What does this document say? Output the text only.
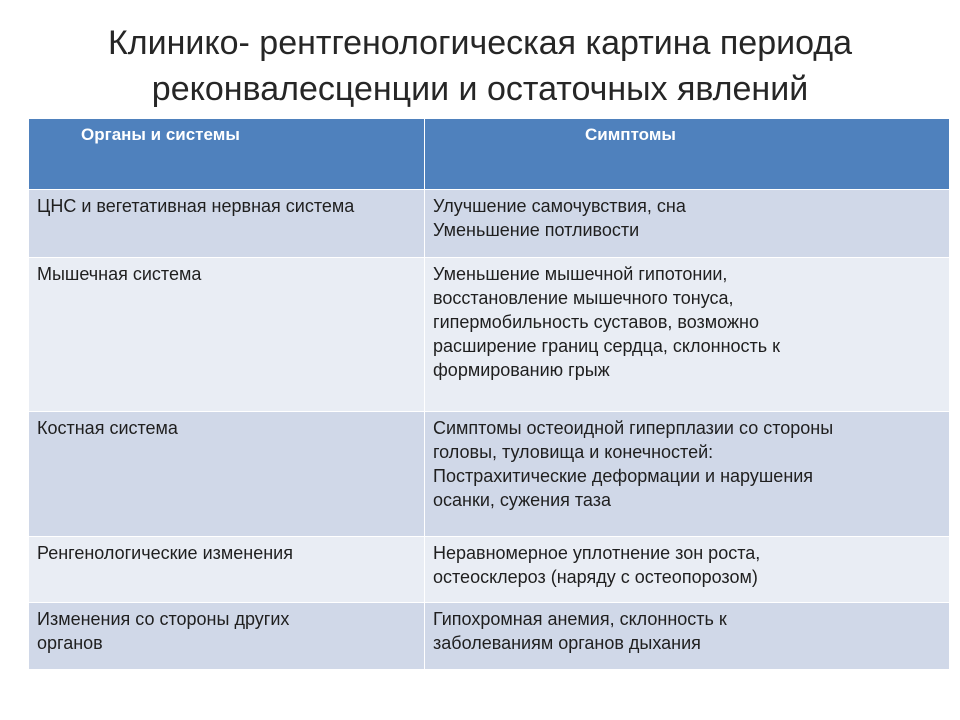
Клинико- рентгенологическая картина периода
реконвалесценции и остаточных явлений
Органы и системы	Симптомы
ЦНС и вегетативная нервная система	Улучшение самочувствия, сна
Уменьшение потливости
Мышечная система	Уменьшение мышечной гипотонии,
восстановление мышечного тонуса,
гипермобильность суставов, возможно
расширение границ сердца, склонность к
формированию грыж
Костная система	Симптомы остеоидной гиперплазии со стороны
головы, туловища и конечностей:
Пострахитические деформации и нарушения
осанки, сужения таза
Ренгенологические изменения	Неравномерное уплотнение зон роста,
остеосклероз (наряду с остеопорозом)
Изменения со стороны других
органов	Гипохромная анемия, склонность к
заболеваниям органов дыхания
